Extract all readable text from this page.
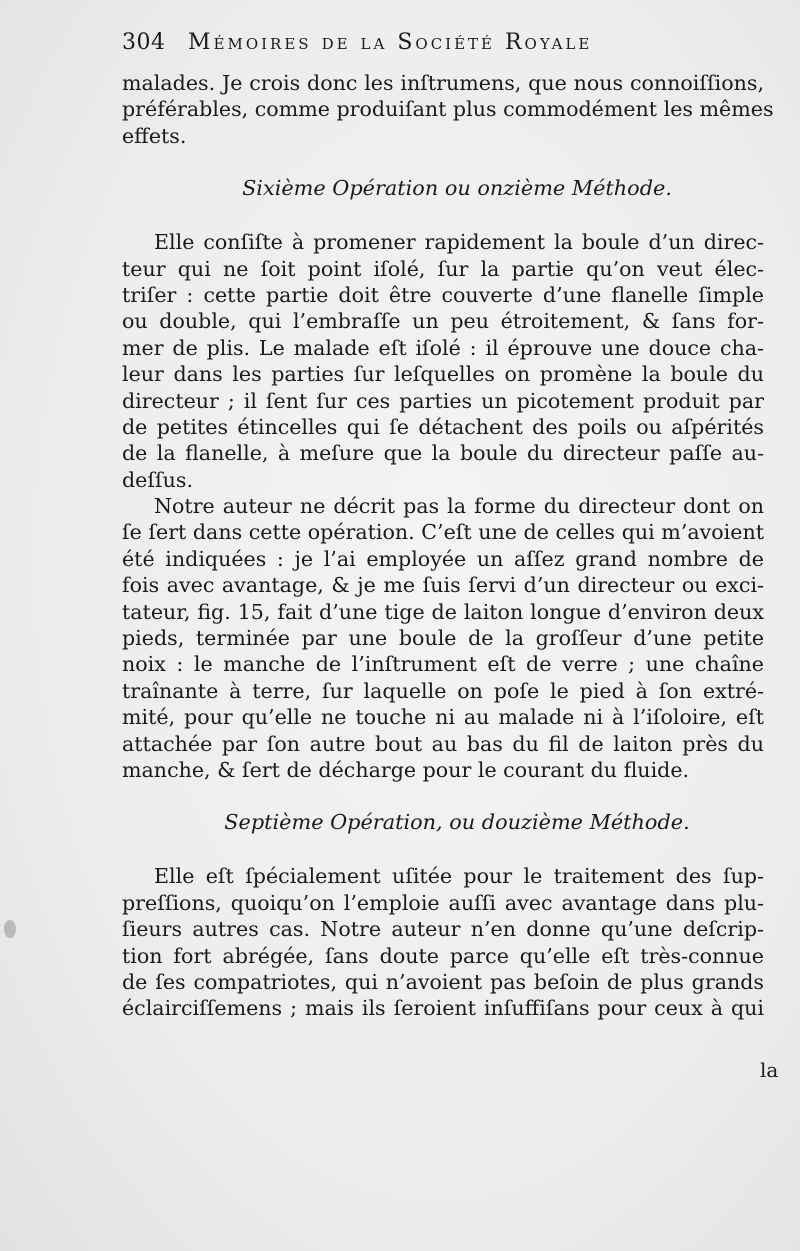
304	Mémoires de la Société Royale
malades. Je crois donc les inſtrumens, que nous connoiſſions,
préférables, comme produiſant plus commodément les mêmes
effets.
Sixième Opération ou onzième Méthode.
Elle conſiſte à promener rapidement la boule d’un direc-
teur qui ne ſoit point iſolé, ſur la partie qu’on veut élec-
triſer : cette partie doit être couverte d’une flanelle ſimple
ou double, qui l’embraſſe un peu étroitement, & ſans for-
mer de plis. Le malade eſt iſolé : il éprouve une douce cha-
leur dans les parties ſur leſquelles on promène la boule du
directeur ; il ſent ſur ces parties un picotement produit par
de petites étincelles qui ſe détachent des poils ou aſpérités
de la flanelle, à meſure que la boule du directeur paſſe au-
deſſus.
Notre auteur ne décrit pas la forme du directeur dont on
ſe ſert dans cette opération. C’eſt une de celles qui m’avoient
été indiquées : je l’ai employée un aſſez grand nombre de
fois avec avantage, & je me ſuis ſervi d’un directeur ou exci-
tateur, fig. 15, fait d’une tige de laiton longue d’environ deux
pieds, terminée par une boule de la groſſeur d’une petite
noix : le manche de l’inſtrument eſt de verre ; une chaîne
traînante à terre, ſur laquelle on poſe le pied à ſon extré-
mité, pour qu’elle ne touche ni au malade ni à l’iſoloire, eſt
attachée par ſon autre bout au bas du fil de laiton près du
manche, & ſert de décharge pour le courant du fluide.
Septième Opération, ou douzième Méthode.
Elle eſt ſpécialement uſitée pour le traitement des ſup-
preſſions, quoiqu’on l’emploie auſſi avec avantage dans plu-
ſieurs autres cas. Notre auteur n’en donne qu’une deſcrip-
tion fort abrégée, ſans doute parce qu’elle eſt très-connue
de ſes compatriotes, qui n’avoient pas beſoin de plus grands
éclairciſſemens ; mais ils ſeroient inſuffiſans pour ceux à qui
la
